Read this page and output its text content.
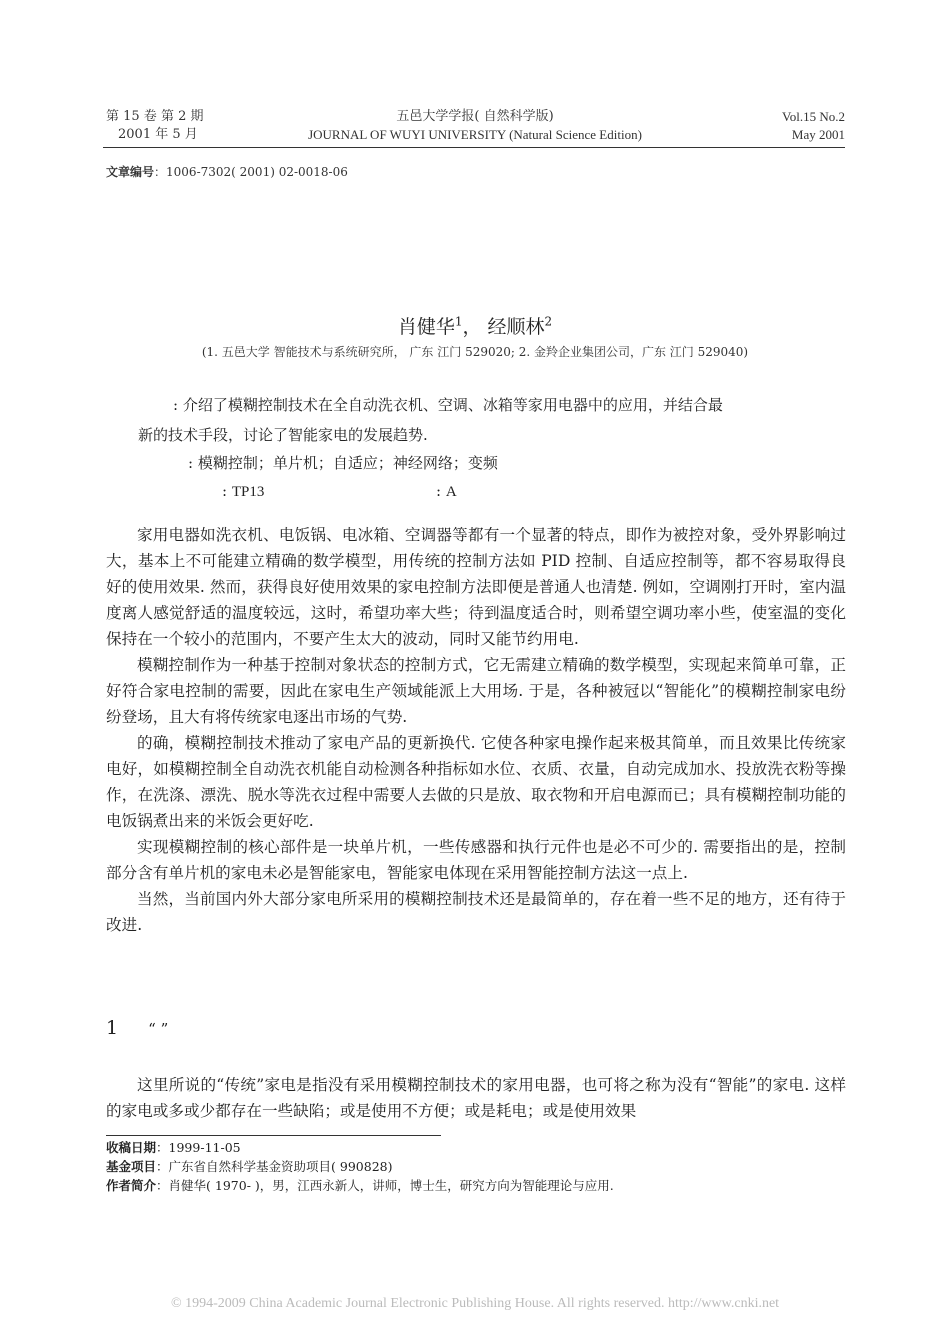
第 15 卷 第 2 期
2001 年 5 月
五邑大学学报( 自然科学版)
JOURNAL OF WUYI UNIVERSITY (Natural Science Edition)
Vol.15 No.2
May 2001
文章编号：1006-7302( 2001) 02-0018-06
肖健华$^1$， 经顺林$^2$
(1. 五邑大学 智能技术与系统研究所， 广东 江门 529020; 2. 金羚企业集团公司，广东 江门 529040)
: 介绍了模糊控制技术在全自动洗衣机、空调、冰箱等家用电器中的应用，并结合最
新的技术手段，讨论了智能家电的发展趋势.
: 模糊控制；单片机；自适应；神经网络；变频
: TP13	: A

家用电器如洗衣机、电饭锅、电冰箱、空调器等都有一个显著的特点，即作为被控对象，受外界影响过大，基本上不可能建立精确的数学模型，用传统的控制方法如 PID 控制、自适应控制等，都不容易取得良好的使用效果. 然而，获得良好使用效果的家电控制方法即便是普通人也清楚. 例如，空调刚打开时，室内温度离人感觉舒适的温度较远，这时，希望功率大些；待到温度适合时，则希望空调功率小些，使室温的变化保持在一个较小的范围内，不要产生太大的波动，同时又能节约用电.

模糊控制作为一种基于控制对象状态的控制方式，它无需建立精确的数学模型，实现起来简单可靠，正好符合家电控制的需要，因此在家电生产领域能派上大用场. 于是，各种被冠以“智能化”的模糊控制家电纷纷登场，且大有将传统家电逐出市场的气势.

的确，模糊控制技术推动了家电产品的更新换代. 它使各种家电操作起来极其简单，而且效果比传统家电好，如模糊控制全自动洗衣机能自动检测各种指标如水位、衣质、衣量，自动完成加水、投放洗衣粉等操作，在洗涤、漂洗、脱水等洗衣过程中需要人去做的只是放、取衣物和开启电源而已；具有模糊控制功能的电饭锅煮出来的米饭会更好吃.

实现模糊控制的核心部件是一块单片机，一些传感器和执行元件也是必不可少的. 需要指出的是，控制部分含有单片机的家电未必是智能家电，智能家电体现在采用智能控制方法这一点上.

当然，当前国内外大部分家电所采用的模糊控制技术还是最简单的，存在着一些不足的地方，还有待于改进.

1 “ ”

这里所说的“传统”家电是指没有采用模糊控制技术的家用电器，也可将之称为没有“智能”的家电. 这样的家电或多或少都存在一些缺陷；或是使用不方便；或是耗电；或是使用效果

收稿日期：1999-11-05
基金项目：广东省自然科学基金资助项目( 990828)
作者简介：肖健华( 1970- )，男，江西永新人，讲师，博士生，研究方向为智能理论与应用.
© 1994-2009 China Academic Journal Electronic Publishing House. All rights reserved. http://www.cnki.net
